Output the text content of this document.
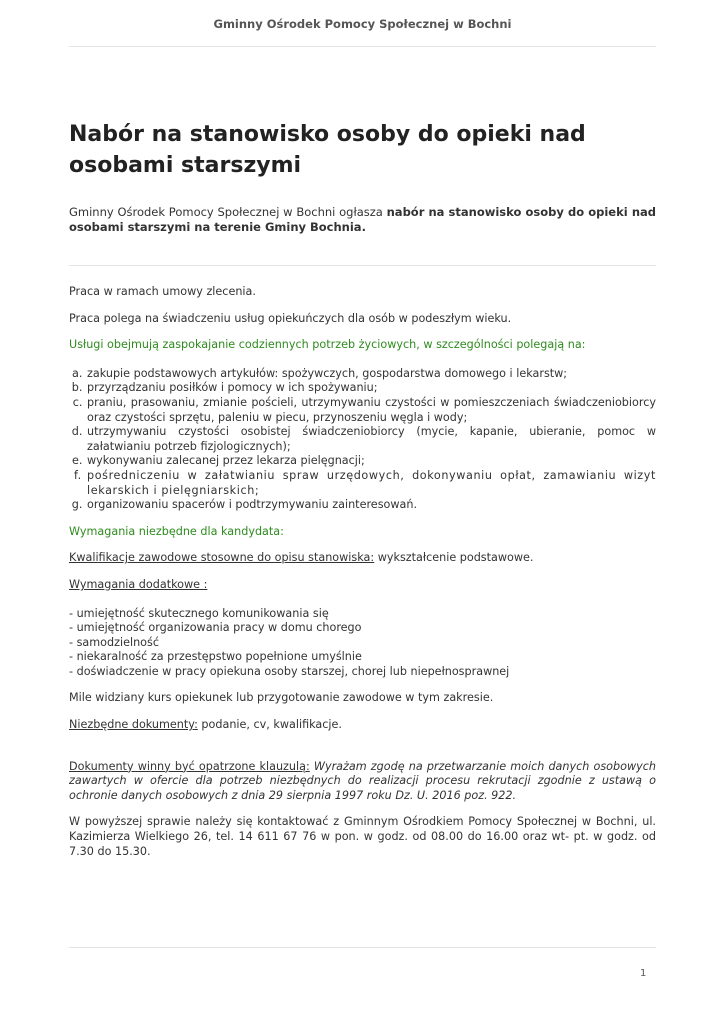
Gminny Ośrodek Pomocy Społecznej w Bochni
Nabór na stanowisko osoby do opieki nad osobami starszymi

Gminny Ośrodek Pomocy Społecznej w Bochni ogłasza nabór na stanowisko osoby do opieki nad osobami starszymi na terenie Gminy Bochnia.

Praca w ramach umowy zlecenia.

Praca polega na świadczeniu usług opiekuńczych dla osób w podeszłym wieku.

Usługi obejmują zaspokajanie codziennych potrzeb życiowych, w szczególności polegają na:

a. zakupie podstawowych artykułów: spożywczych, gospodarstwa domowego i lekarstw;
b. przyrządzaniu posiłków i pomocy w ich spożywaniu;
c. praniu, prasowaniu, zmianie pościeli, utrzymywaniu czystości w pomieszczeniach świadczeniobiorcy oraz czystości sprzętu, paleniu w piecu, przynoszeniu węgla i wody;
d. utrzymywaniu czystości osobistej świadczeniobiorcy (mycie, kapanie, ubieranie, pomoc w załatwianiu potrzeb fizjologicznych);
e. wykonywaniu zalecanej przez lekarza pielęgnacji;
f. pośredniczeniu w załatwianiu spraw urzędowych, dokonywaniu opłat, zamawianiu wizyt lekarskich i pielęgniarskich;
g. organizowaniu spacerów i podtrzymywaniu zainteresowań.

Wymagania niezbędne dla kandydata:

Kwalifikacje zawodowe stosowne do opisu stanowiska: wykształcenie podstawowe.

Wymagania dodatkowe :

- umiejętność skutecznego komunikowania się
- umiejętność organizowania pracy w domu chorego
- samodzielność
- niekaralność za przestępstwo popełnione umyślnie
- doświadczenie w pracy opiekuna osoby starszej, chorej lub niepełnosprawnej

Mile widziany kurs opiekunek lub przygotowanie zawodowe w tym zakresie.

Niezbędne dokumenty: podanie, cv, kwalifikacje.

Dokumenty winny być opatrzone klauzulą: Wyrażam zgodę na przetwarzanie moich danych osobowych zawartych w ofercie dla potrzeb niezbędnych do realizacji procesu rekrutacji zgodnie z ustawą o ochronie danych osobowych z dnia 29 sierpnia 1997 roku Dz. U. 2016 poz. 922.

W powyższej sprawie należy się kontaktować z Gminnym Ośrodkiem Pomocy Społecznej w Bochni, ul. Kazimierza Wielkiego 26, tel. 14 611 67 76 w pon. w godz. od 08.00 do 16.00 oraz wt- pt. w godz. od 7.30 do 15.30.

1
